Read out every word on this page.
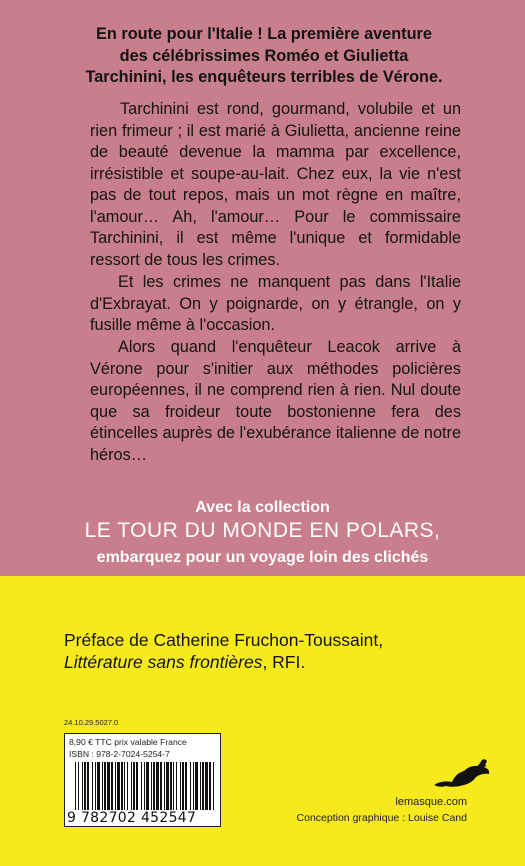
En route pour l'Italie ! La première aventure
des célébrissimes Roméo et Giulietta
Tarchinini, les enquêteurs terribles de Vérone.

Tarchinini est rond, gourmand, volubile et un rien frimeur ; il est marié à Giulietta, ancienne reine de beauté devenue la mamma par excellence, irrésistible et soupe-au-lait. Chez eux, la vie n'est pas de tout repos, mais un mot règne en maître, l'amour… Ah, l'amour… Pour le commissaire Tarchinini, il est même l'unique et formidable ressort de tous les crimes.

Et les crimes ne manquent pas dans l'Italie d'Exbrayat. On y poignarde, on y étrangle, on y fusille même à l'occasion.

Alors quand l'enquêteur Leacok arrive à Vérone pour s'initier aux méthodes policières européennes, il ne comprend rien à rien. Nul doute que sa froideur toute bostonienne fera des étincelles auprès de l'exubérance italienne de notre héros…

Avec la collection

LE TOUR DU MONDE EN POLARS,

embarquez pour un voyage loin des clichés

Préface de Catherine Fruchon-Toussaint,
Littérature sans frontières, RFI.

24.10.29.5027.0

8,90 € TTC prix valable France

ISBN : 978-2-7024-5254-7

9 782702 452547

lemasque.com

Conception graphique : Louise Cand
